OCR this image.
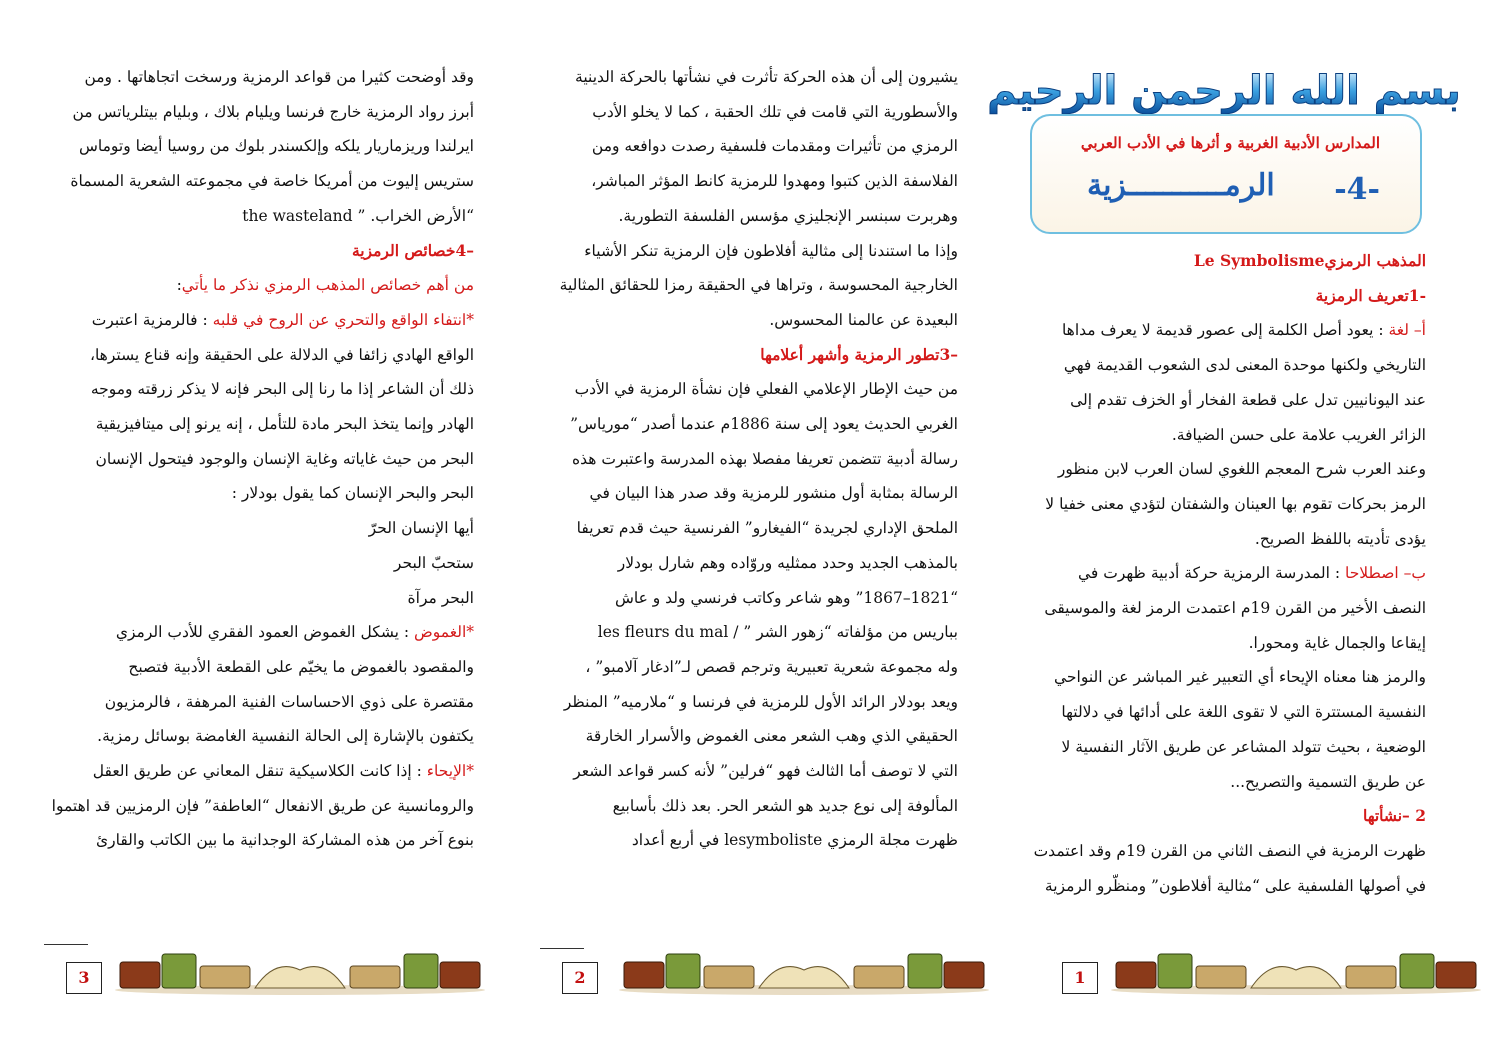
بسم الله الرحمن الرحيم
المدارس الأدبية الغربية و أثرها في الأدب العربي
-4-
الرمـــــــــــزية

المذهب الرمزيLe Symbolisme

-1تعريف الرمزية

أ– لغة : يعود أصل الكلمة إلى عصور قديمة لا يعرف مداها

التاريخي ولكنها موحدة المعنى لدى الشعوب القديمة فهي

عند اليونانيين تدل على قطعة الفخار أو الخزف تقدم إلى

الزائر الغريب علامة على حسن الضيافة.

وعند العرب شرح المعجم اللغوي لسان العرب لابن منظور

الرمز بحركات تقوم بها العينان والشفتان لتؤدي معنى خفيا لا

يؤدى تأديته باللفظ الصريح.

ب– اصطلاحا : المدرسة الرمزية حركة أدبية ظهرت في

النصف الأخير من القرن 19م اعتمدت الرمز لغة والموسيقى

إيقاعا والجمال غاية ومحورا.

والرمز هنا معناه الإيحاء أي التعبير غير المباشر عن النواحي

النفسية المستترة التي لا تقوى اللغة على أدائها في دلالتها

الوضعية ، بحيث تتولد المشاعر عن طريق الآثار النفسية لا

عن طريق التسمية والتصريح...

2 –نشأتها

ظهرت الرمزية في النصف الثاني من القرن 19م وقد اعتمدت

في أصولها الفلسفية على “مثالية أفلاطون” ومنظّرو الرمزية

يشيرون إلى أن هذه الحركة تأثرت في نشأتها بالحركة الدينية

والأسطورية التي قامت في تلك الحقبة ، كما لا يخلو الأدب

الرمزي من تأثيرات ومقدمات فلسفية رصدت دوافعه ومن

الفلاسفة الذين كتبوا ومهدوا للرمزية كانط المؤثر المباشر،

وهربرت سبنسر الإنجليزي مؤسس الفلسفة التطورية.

وإذا ما استندنا إلى مثالية أفلاطون فإن الرمزية تنكر الأشياء

الخارجية المحسوسة ، وتراها في الحقيقة رمزا للحقائق المثالية

البعيدة عن عالمنا المحسوس.

–3تطور الرمزية وأشهر أعلامها

من حيث الإطار الإعلامي الفعلي فإن نشأة الرمزية في الأدب

الغربي الحديث يعود إلى سنة 1886م عندما أصدر “مورياس”

رسالة أدبية تتضمن تعريفا مفصلا بهذه المدرسة واعتبرت هذه

الرسالة بمثابة أول منشور للرمزية وقد صدر هذا البيان في

الملحق الإداري لجريدة “الفيغارو” الفرنسية حيث قدم تعريفا

بالمذهب الجديد وحدد ممثليه وروّاده وهم شارل بودلار

“1821–1867” وهو شاعر وكاتب فرنسي ولد و عاش

بباريس من مؤلفاته “زهور الشر ” / les fleurs du mal

وله مجموعة شعرية تعبيرية وترجم قصص لـ”ادغار آلامبو” ،

ويعد بودلار الرائد الأول للرمزية في فرنسا و “ملارميه” المنظر

الحقيقي الذي وهب الشعر معنى الغموض والأسرار الخارقة

التي لا توصف أما الثالث فهو “فرلين” لأنه كسر قواعد الشعر

المألوفة إلى نوع جديد هو الشعر الحر. بعد ذلك بأسابيع

ظهرت مجلة الرمزي lesymboliste في أربع أعداد

وقد أوضحت كثيرا من قواعد الرمزية ورسخت اتجاهاتها . ومن

أبرز رواد الرمزية خارج فرنسا ويليام بلاك ، وبليام بيتلرياتس من

ايرلندا وريزماريار يلكه وإلكسندر بلوك من روسيا أيضا وتوماس

ستريس إليوت من أمريكا خاصة في مجموعته الشعرية المسماة

“الأرض الخراب. ” the wasteland

–4خصائص الرمزية

من أهم خصائص المذهب الرمزي نذكر ما يأتي:

*انتفاء الواقع والتحري عن الروح في قلبه : فالرمزية اعتبرت

الواقع الهادي زائفا في الدلالة على الحقيقة وإنه قناع يسترها،

ذلك أن الشاعر إذا ما رنا إلى البحر فإنه لا يذكر زرقته وموجه

الهادر وإنما يتخذ البحر مادة للتأمل ، إنه يرنو إلى ميتافيزيقية

البحر من حيث غاياته وغاية الإنسان والوجود فيتحول الإنسان

البحر والبحر الإنسان كما يقول بودلار :

أيها الإنسان الحرّ

ستحبّ البحر

البحر مرآة

*الغموض : يشكل الغموض العمود الفقري للأدب الرمزي

والمقصود بالغموض ما يخيّم على القطعة الأدبية فتصبح

مقتصرة على ذوي الاحساسات الفنية المرهفة ، فالرمزيون

يكتفون بالإشارة إلى الحالة النفسية الغامضة بوسائل رمزية.

*الإيحاء : إذا كانت الكلاسيكية تنقل المعاني عن طريق العقل

والرومانسية عن طريق الانفعال “العاطفة” فإن الرمزيين قد اهتموا

بنوع آخر من هذه المشاركة الوجدانية ما بين الكاتب والقارئ

3	2	1
